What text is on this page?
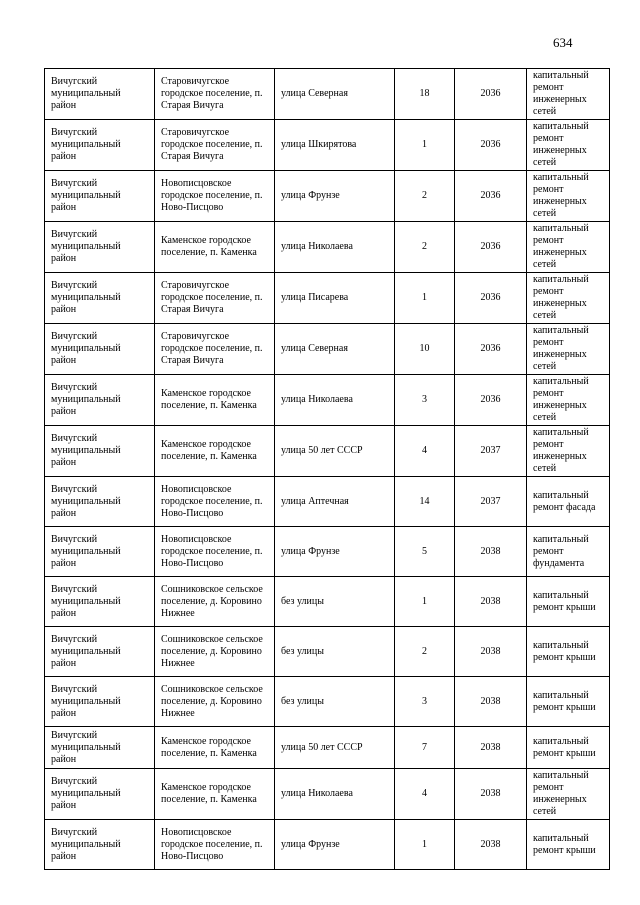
634
Вичугский муниципальный район	Старовичугское городское поселение, п. Старая Вичуга	улица Северная	18	2036	капитальный ремонт инженерных сетей
Вичугский муниципальный район	Старовичугское городское поселение, п. Старая Вичуга	улица Шкирятова	1	2036	капитальный ремонт инженерных сетей
Вичугский муниципальный район	Новописцовское городское поселение, п. Ново-Писцово	улица Фрунзе	2	2036	капитальный ремонт инженерных сетей
Вичугский муниципальный район	Каменское городское поселение, п. Каменка	улица Николаева	2	2036	капитальный ремонт инженерных сетей
Вичугский муниципальный район	Старовичугское городское поселение, п. Старая Вичуга	улица Писарева	1	2036	капитальный ремонт инженерных сетей
Вичугский муниципальный район	Старовичугское городское поселение, п. Старая Вичуга	улица Северная	10	2036	капитальный ремонт инженерных сетей
Вичугский муниципальный район	Каменское городское поселение, п. Каменка	улица Николаева	3	2036	капитальный ремонт инженерных сетей
Вичугский муниципальный район	Каменское городское поселение, п. Каменка	улица 50 лет СССР	4	2037	капитальный ремонт инженерных сетей
Вичугский муниципальный район	Новописцовское городское поселение, п. Ново-Писцово	улица Аптечная	14	2037	капитальный ремонт фасада
Вичугский муниципальный район	Новописцовское городское поселение, п. Ново-Писцово	улица Фрунзе	5	2038	капитальный ремонт фундамента
Вичугский муниципальный район	Сошниковское сельское поселение, д. Коровино Нижнее	без улицы	1	2038	капитальный ремонт крыши
Вичугский муниципальный район	Сошниковское сельское поселение, д. Коровино Нижнее	без улицы	2	2038	капитальный ремонт крыши
Вичугский муниципальный район	Сошниковское сельское поселение, д. Коровино Нижнее	без улицы	3	2038	капитальный ремонт крыши
Вичугский муниципальный район	Каменское городское поселение, п. Каменка	улица 50 лет СССР	7	2038	капитальный ремонт крыши
Вичугский муниципальный район	Каменское городское поселение, п. Каменка	улица Николаева	4	2038	капитальный ремонт инженерных сетей
Вичугский муниципальный район	Новописцовское городское поселение, п. Ново-Писцово	улица Фрунзе	1	2038	капитальный ремонт крыши
